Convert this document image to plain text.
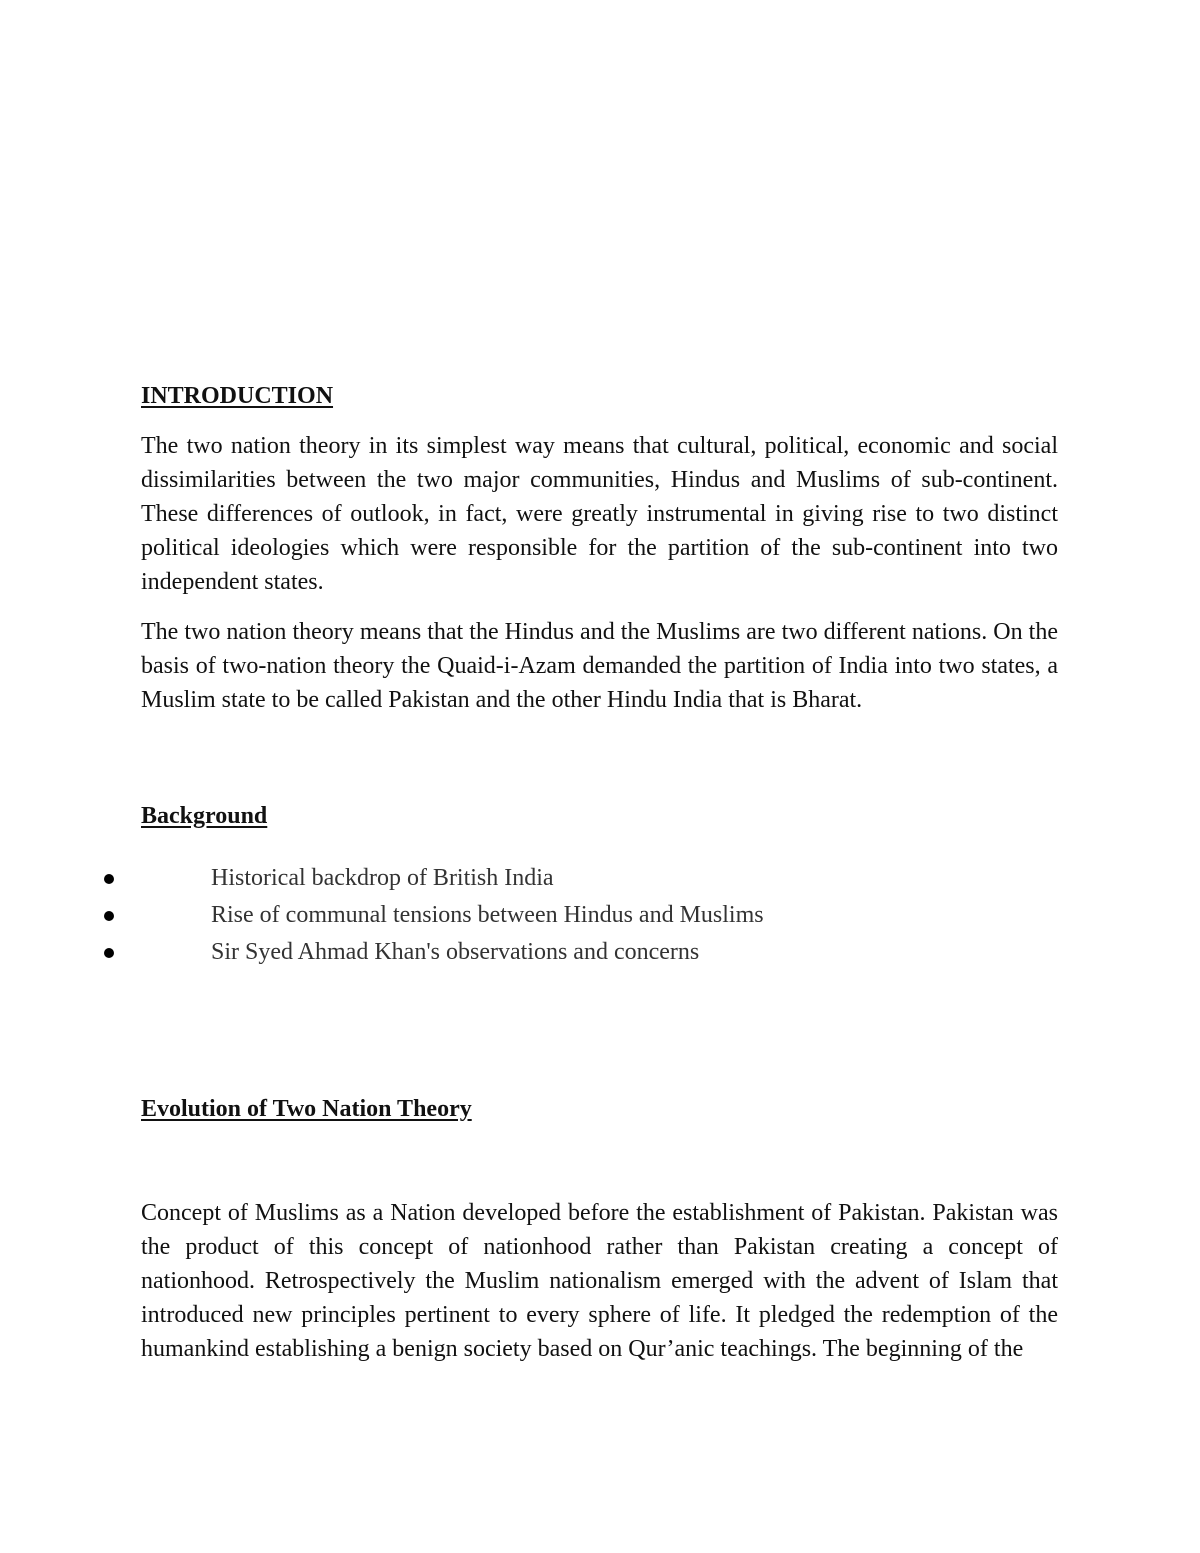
INTRODUCTION

The two nation theory in its simplest way means that cultural, political, economic and social dissimilarities between the two major communities, Hindus and Muslims of sub-continent. These differences of outlook, in fact, were greatly instrumental in giving rise to two distinct political ideologies which were responsible for the partition of the sub-continent into two independent states.

The two nation theory means that the Hindus and the Muslims are two different nations. On the basis of two-nation theory the Quaid-i-Azam demanded the partition of India into two states, a Muslim state to be called Pakistan and the other Hindu India that is Bharat.

Background
Historical backdrop of British India
Rise of communal tensions between Hindus and Muslims
Sir Syed Ahmad Khan's observations and concerns
Evolution of Two Nation Theory

Concept of Muslims as a Nation developed before the establishment of Pakistan. Pakistan was the product of this concept of nationhood rather than Pakistan creating a concept of nationhood. Retrospectively the Muslim nationalism emerged with the advent of Islam that introduced new principles pertinent to every sphere of life. It pledged the redemption of the humankind establishing a benign society based on Qur’anic teachings. The beginning of the
